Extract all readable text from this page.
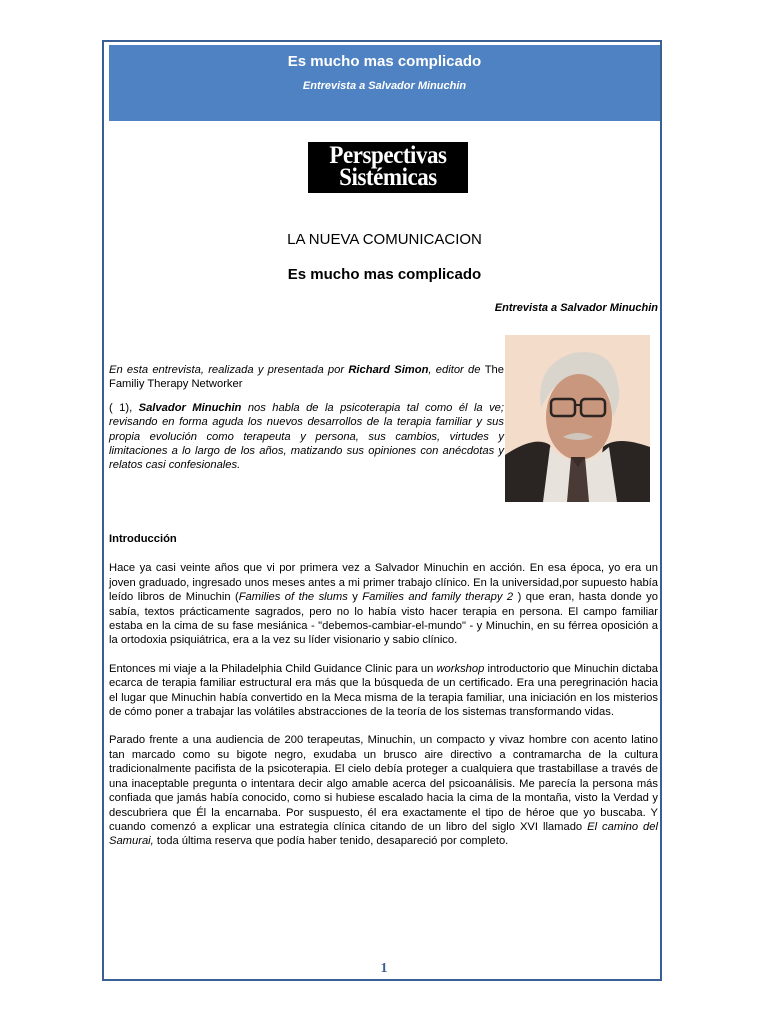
Es mucho mas complicado
Entrevista a Salvador Minuchin
Perspectivas
Sistémicas
LA NUEVA COMUNICACION
Es mucho mas complicado
Entrevista a Salvador Minuchin

En esta entrevista, realizada y presentada por Richard Simon, editor de The Familiy Therapy Networker

( 1), Salvador Minuchin nos habla de la psicoterapia tal como él la ve; revisando en forma aguda los nuevos desarrollos de la terapia familiar y sus propia evolución como terapeuta y persona, sus cambios, virtudes y limitaciones a lo largo de los años, matizando sus opiniones con anécdotas y relatos casi confesionales.

Introducción

Hace ya casi veinte años que vi por primera vez a Salvador Minuchin en acción. En esa época, yo era un joven graduado, ingresado unos meses antes a mi primer trabajo clínico. En la universidad,por supuesto había leído libros de Minuchin (Families of the slums y Families and family therapy 2 ) que eran, hasta donde yo sabía, textos prácticamente sagrados, pero no lo había visto hacer terapia en persona. El campo familiar estaba en la cima de su fase mesiánica - "debemos-cambiar-el-mundo" - y Minuchin, en su férrea oposición a la ortodoxia psiquiátrica, era a la vez su líder visionario y sabio clínico.

Entonces mi viaje a la Philadelphia Child Guidance Clinic para un workshop introductorio que Minuchin dictaba ecarca de terapia familiar estructural era más que la búsqueda de un certificado. Era una peregrinación hacia el lugar que Minuchin había convertido en la Meca misma de la terapia familiar, una iniciación en los misterios de cómo poner a trabajar las volátiles abstracciones de la teoría de los sistemas transformando vidas.

Parado frente a una audiencia de 200 terapeutas, Minuchin, un compacto y vivaz hombre con acento latino tan marcado como su bigote negro, exudaba un brusco aire directivo a contramarcha de la cultura tradicionalmente pacifista de la psicoterapia. El cielo debía proteger a cualquiera que trastabillase a través de una inaceptable pregunta o intentara decir algo amable acerca del psicoanálisis. Me parecía la persona más confiada que jamás había conocido, como si hubiese escalado hacia la cima de la montaña, visto la Verdad y descubriera que Él la encarnaba. Por suspuesto, él era exactamente el tipo de héroe que yo buscaba. Y cuando comenzó a explicar una estrategia clínica citando de un libro del siglo XVI llamado El camino del Samurai, toda última reserva que podía haber tenido, desapareció por completo.

1
